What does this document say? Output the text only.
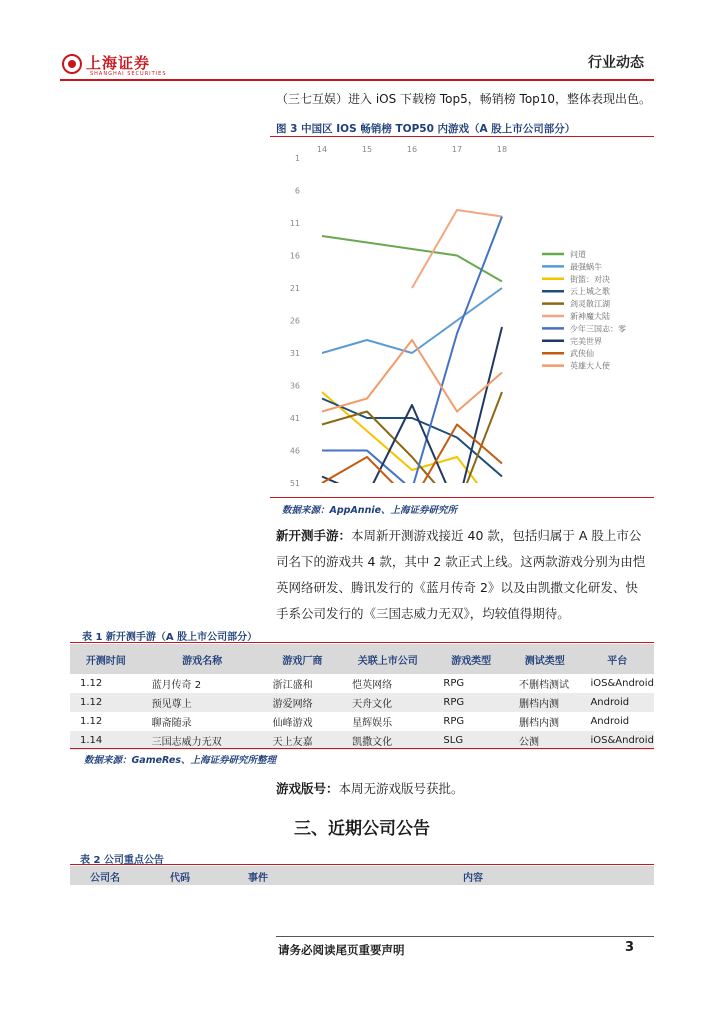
上海证券
SHANGHAI SECURITIES
行业动态
（三七互娱）进入 iOS 下载榜 Top5，畅销榜 Top10，整体表现出色。
图 3 中国区 IOS 畅销榜 TOP50 内游戏（A 股上市公司部分）
14	15	16	17	18
1
6
11
16
21
26
31
36
41
46
51
问道
最强蜗牛
街篮：对决
云上城之歌
剑灵散江湖
新神魔大陆
少年三国志：零
完美世界
武侠仙
英雄大人使
数据来源：AppAnnie、上海证券研究所
新开测手游：本周新开测游戏接近 40 款，包括归属于 A 股上市公
司名下的游戏共 4 款，其中 2 款正式上线。这两款游戏分别为由恺
英网络研发、腾讯发行的《蓝月传奇 2》以及由凯撒文化研发、快
手系公司发行的《三国志威力无双》，均较值得期待。
表 1 新开测手游（A 股上市公司部分）
开测时间	游戏名称	游戏厂商	关联上市公司	游戏类型	测试类型	平台
1.12	蓝月传奇 2	浙江盛和	恺英网络	RPG	不删档测试	iOS&Android
1.12	预见尊上	游爱网络	天舟文化	RPG	删档内测	Android
1.12	聊斋随录	仙峰游戏	星辉娱乐	RPG	删档内测	Android
1.14	三国志威力无双	天上友嘉	凯撒文化	SLG	公测	iOS&Android
数据来源：GameRes、上海证券研究所整理
游戏版号：本周无游戏版号获批。
三、近期公司公告
表 2 公司重点公告
公司名	代码	事件	内容
请务必阅读尾页重要声明	3
